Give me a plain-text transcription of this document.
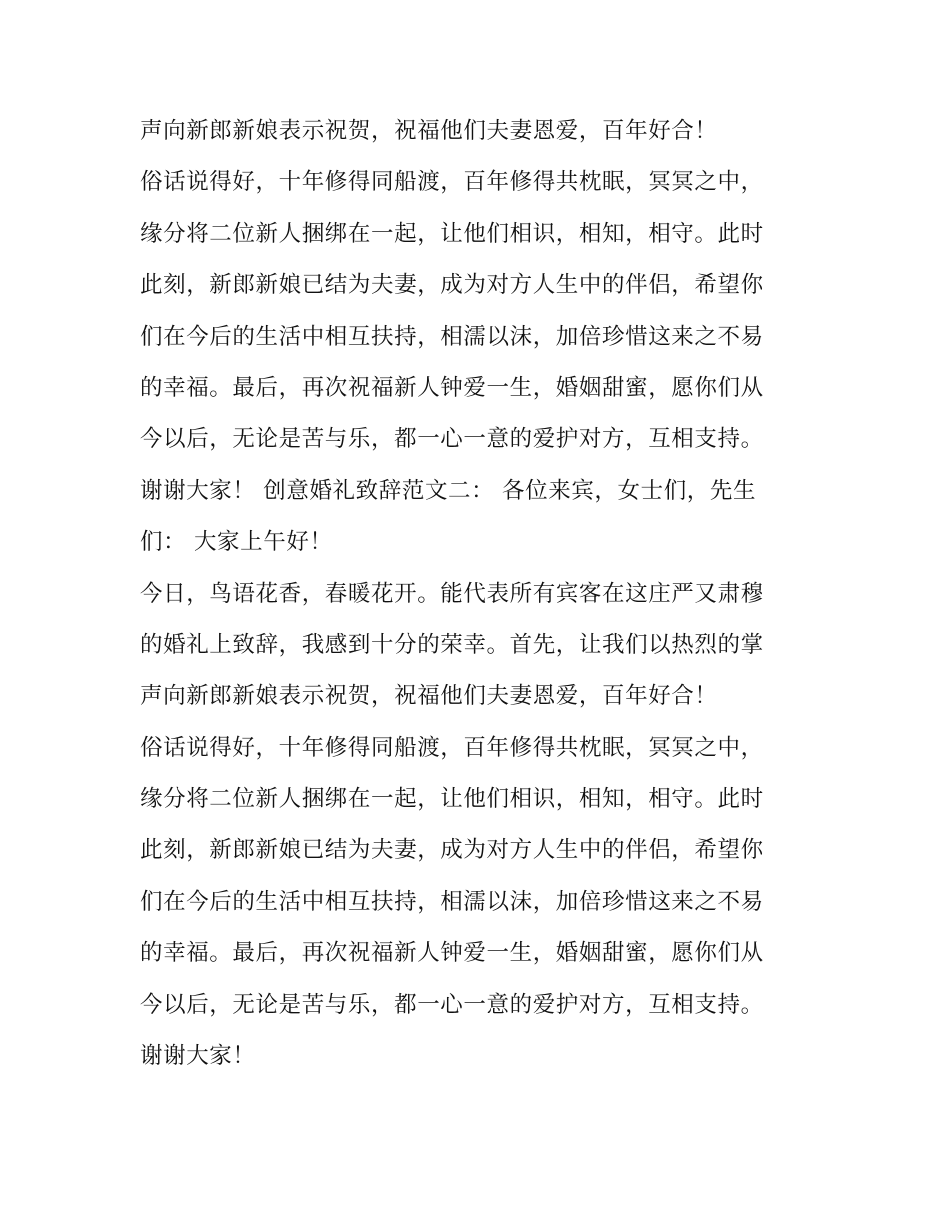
声向新郎新娘表示祝贺，祝福他们夫妻恩爱，百年好合！
俗话说得好，十年修得同船渡，百年修得共枕眠，冥冥之中，
缘分将二位新人捆绑在一起，让他们相识，相知，相守。此时
此刻，新郎新娘已结为夫妻，成为对方人生中的伴侣，希望你
们在今后的生活中相互扶持，相濡以沫，加倍珍惜这来之不易
的幸福。最后，再次祝福新人钟爱一生，婚姻甜蜜，愿你们从
今以后，无论是苦与乐，都一心一意的爱护对方，互相支持。
谢谢大家！ 创意婚礼致辞范文二： 各位来宾，女士们，先生
们： 大家上午好！
今日，鸟语花香，春暖花开。能代表所有宾客在这庄严又肃穆
的婚礼上致辞，我感到十分的荣幸。首先，让我们以热烈的掌
声向新郎新娘表示祝贺，祝福他们夫妻恩爱，百年好合！
俗话说得好，十年修得同船渡，百年修得共枕眠，冥冥之中，
缘分将二位新人捆绑在一起，让他们相识，相知，相守。此时
此刻，新郎新娘已结为夫妻，成为对方人生中的伴侣，希望你
们在今后的生活中相互扶持，相濡以沫，加倍珍惜这来之不易
的幸福。最后，再次祝福新人钟爱一生，婚姻甜蜜，愿你们从
今以后，无论是苦与乐，都一心一意的爱护对方，互相支持。
谢谢大家！
